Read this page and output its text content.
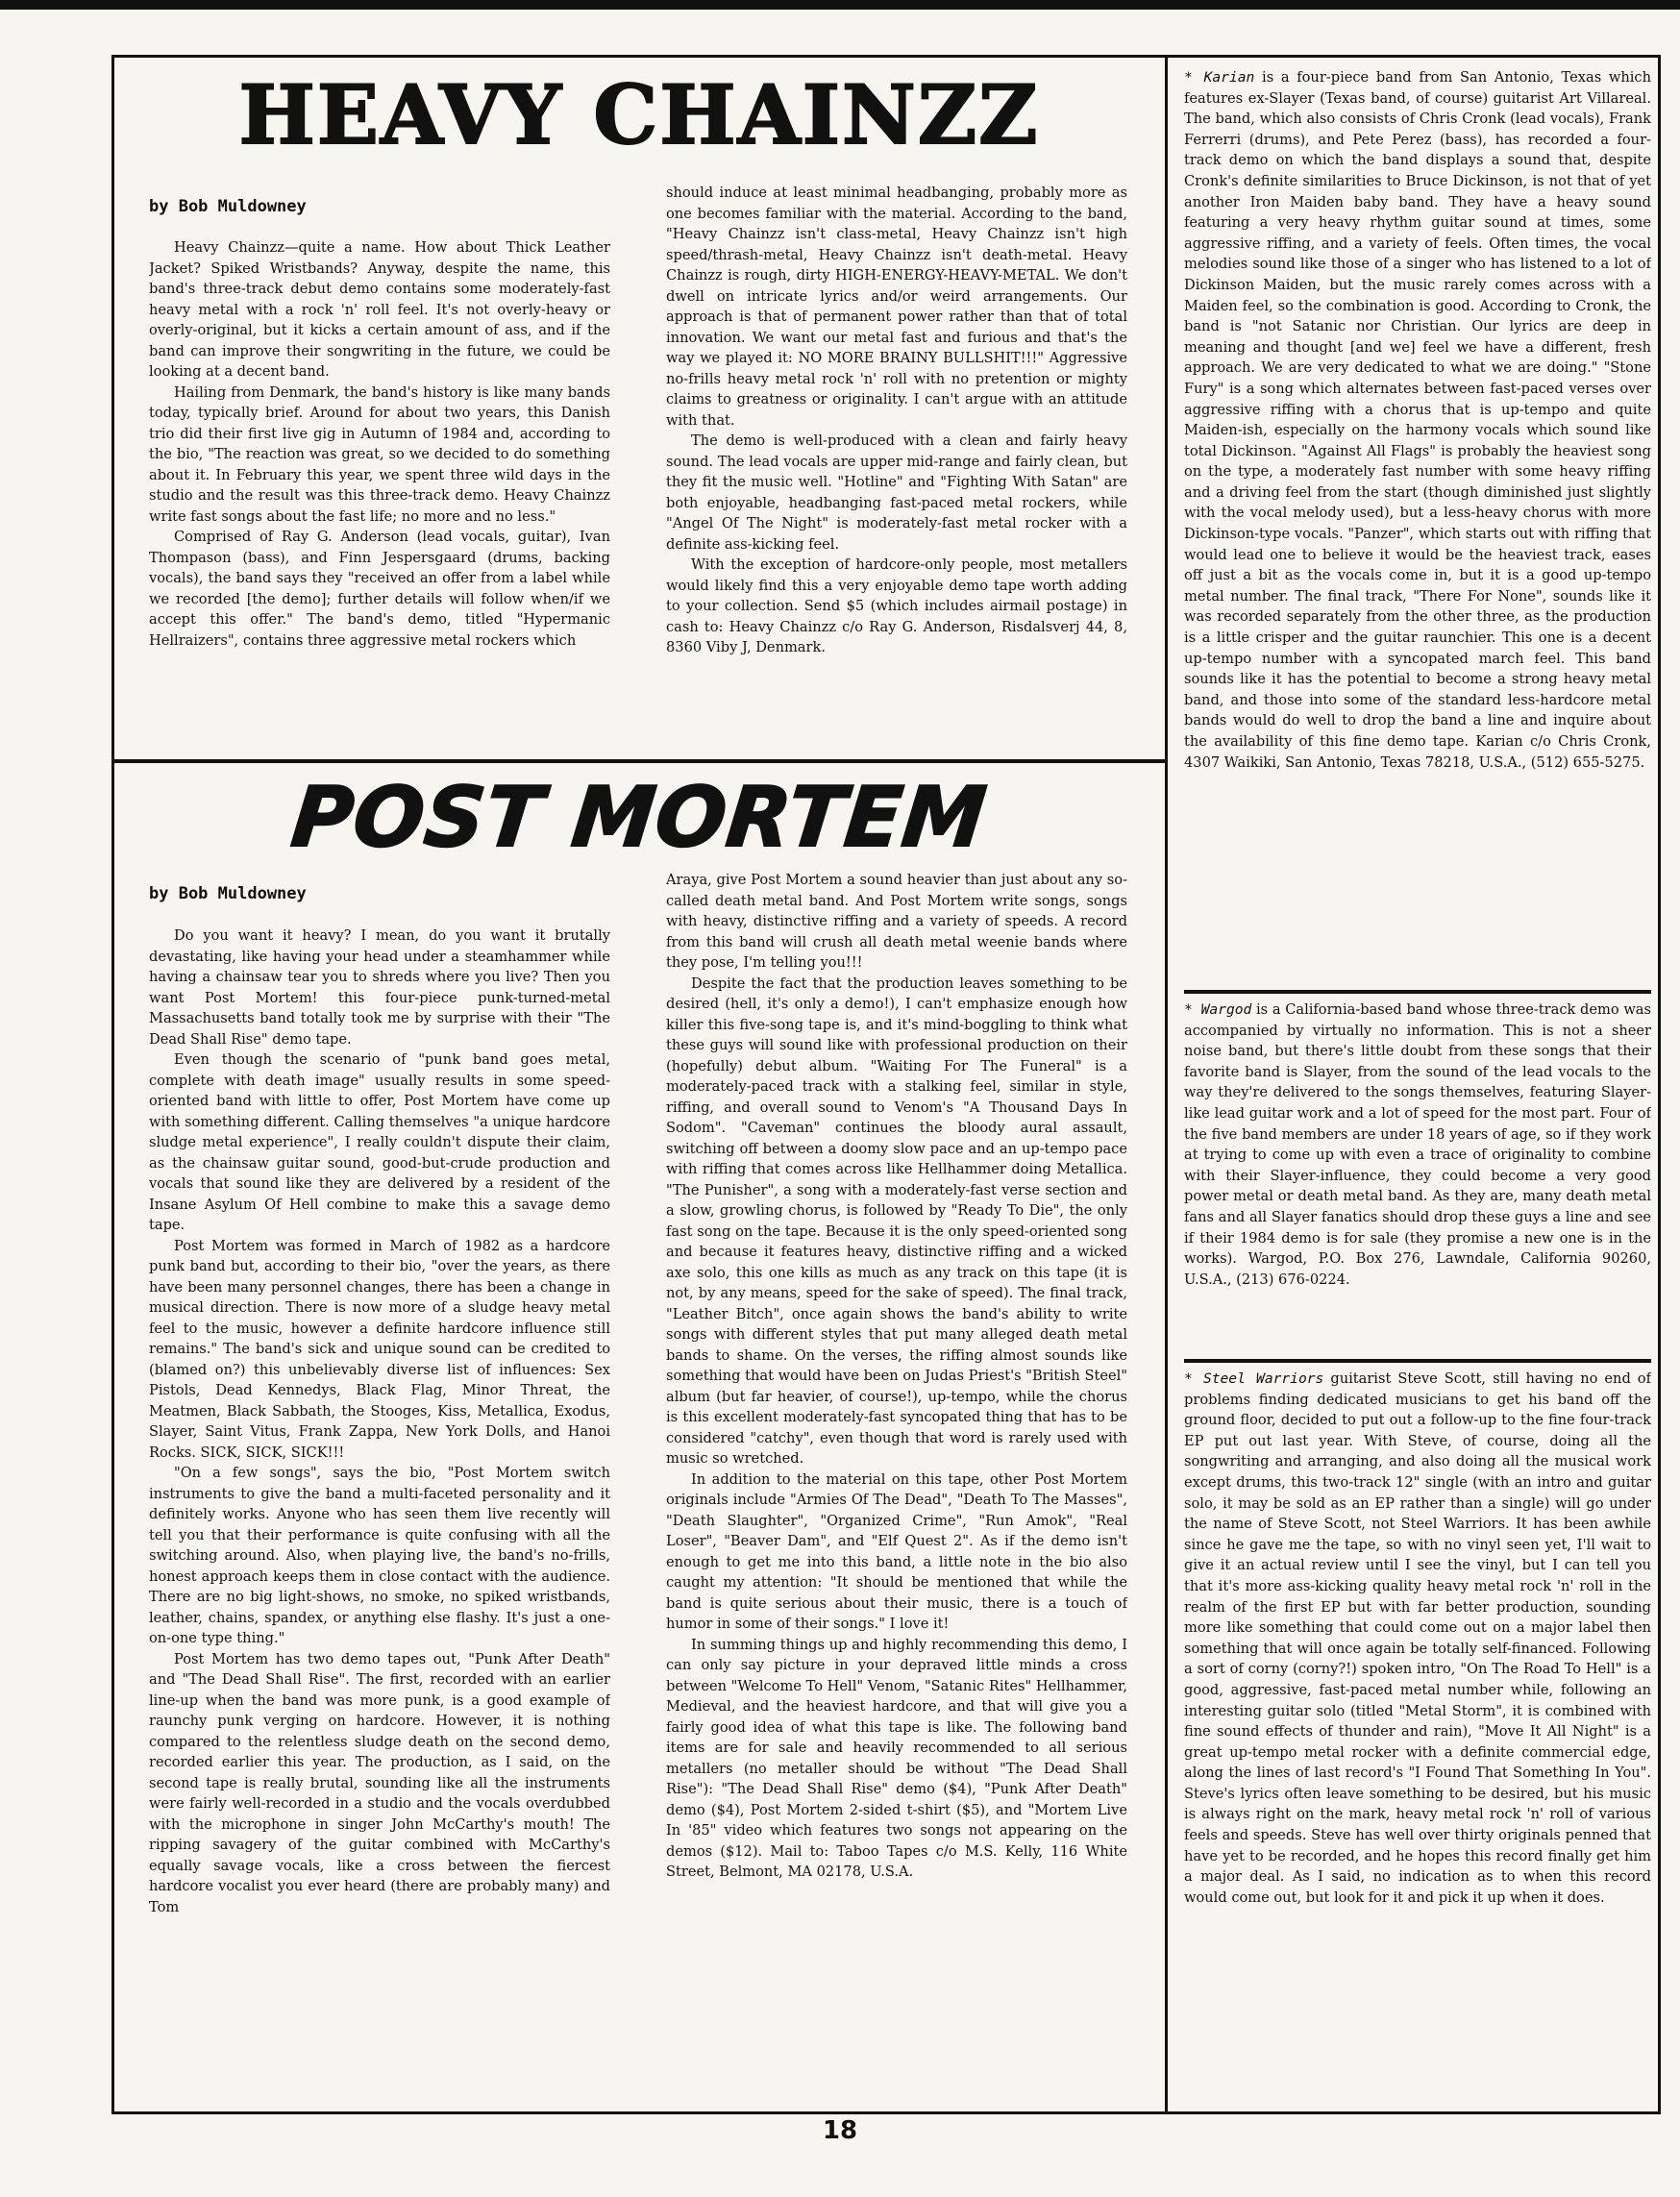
HEAVY CHAINZZ

by Bob Muldowney

Heavy Chainzz—quite a name. How about Thick Leather Jacket? Spiked Wristbands? Anyway, despite the name, this band's three-track debut demo contains some moderately-fast heavy metal with a rock 'n' roll feel. It's not overly-heavy or overly-original, but it kicks a certain amount of ass, and if the band can improve their songwriting in the future, we could be looking at a decent band.

Hailing from Denmark, the band's history is like many bands today, typically brief. Around for about two years, this Danish trio did their first live gig in Autumn of 1984 and, according to the bio, "The reaction was great, so we decided to do something about it. In February this year, we spent three wild days in the studio and the result was this three-track demo. Heavy Chainzz write fast songs about the fast life; no more and no less."

Comprised of Ray G. Anderson (lead vocals, guitar), Ivan Thompason (bass), and Finn Jespersgaard (drums, backing vocals), the band says they "received an offer from a label while we recorded [the demo]; further details will follow when/if we accept this offer." The band's demo, titled "Hypermanic Hellraizers", contains three aggressive metal rockers which

should induce at least minimal headbanging, probably more as one becomes familiar with the material. According to the band, "Heavy Chainzz isn't class-metal, Heavy Chainzz isn't high speed/thrash-metal, Heavy Chainzz isn't death-metal. Heavy Chainzz is rough, dirty HIGH-ENERGY-HEAVY-METAL. We don't dwell on intricate lyrics and/or weird arrangements. Our approach is that of permanent power rather than that of total innovation. We want our metal fast and furious and that's the way we played it: NO MORE BRAINY BULLSHIT!!!" Aggressive no-frills heavy metal rock 'n' roll with no pretention or mighty claims to greatness or originality. I can't argue with an attitude with that.

The demo is well-produced with a clean and fairly heavy sound. The lead vocals are upper mid-range and fairly clean, but they fit the music well. "Hotline" and "Fighting With Satan" are both enjoyable, headbanging fast-paced metal rockers, while "Angel Of The Night" is moderately-fast metal rocker with a definite ass-kicking feel.

With the exception of hardcore-only people, most metallers would likely find this a very enjoyable demo tape worth adding to your collection. Send $5 (which includes airmail postage) in cash to: Heavy Chainzz c/o Ray G. Anderson, Risdalsverj 44, 8, 8360 Viby J, Denmark.

POST MORTEM

by Bob Muldowney

Do you want it heavy? I mean, do you want it brutally devastating, like having your head under a steamhammer while having a chainsaw tear you to shreds where you live? Then you want Post Mortem! this four-piece punk-turned-metal Massachusetts band totally took me by surprise with their "The Dead Shall Rise" demo tape.

Even though the scenario of "punk band goes metal, complete with death image" usually results in some speed-oriented band with little to offer, Post Mortem have come up with something different. Calling themselves "a unique hardcore sludge metal experience", I really couldn't dispute their claim, as the chainsaw guitar sound, good-but-crude production and vocals that sound like they are delivered by a resident of the Insane Asylum Of Hell combine to make this a savage demo tape.

Post Mortem was formed in March of 1982 as a hardcore punk band but, according to their bio, "over the years, as there have been many personnel changes, there has been a change in musical direction. There is now more of a sludge heavy metal feel to the music, however a definite hardcore influence still remains." The band's sick and unique sound can be credited to (blamed on?) this unbelievably diverse list of influences: Sex Pistols, Dead Kennedys, Black Flag, Minor Threat, the Meatmen, Black Sabbath, the Stooges, Kiss, Metallica, Exodus, Slayer, Saint Vitus, Frank Zappa, New York Dolls, and Hanoi Rocks. SICK, SICK, SICK!!!

"On a few songs", says the bio, "Post Mortem switch instruments to give the band a multi-faceted personality and it definitely works. Anyone who has seen them live recently will tell you that their performance is quite confusing with all the switching around. Also, when playing live, the band's no-frills, honest approach keeps them in close contact with the audience. There are no big light-shows, no smoke, no spiked wristbands, leather, chains, spandex, or anything else flashy. It's just a one-on-one type thing."

Post Mortem has two demo tapes out, "Punk After Death" and "The Dead Shall Rise". The first, recorded with an earlier line-up when the band was more punk, is a good example of raunchy punk verging on hardcore. However, it is nothing compared to the relentless sludge death on the second demo, recorded earlier this year. The production, as I said, on the second tape is really brutal, sounding like all the instruments were fairly well-recorded in a studio and the vocals overdubbed with the microphone in singer John McCarthy's mouth! The ripping savagery of the guitar combined with McCarthy's equally savage vocals, like a cross between the fiercest hardcore vocalist you ever heard (there are probably many) and Tom

Araya, give Post Mortem a sound heavier than just about any so-called death metal band. And Post Mortem write songs, songs with heavy, distinctive riffing and a variety of speeds. A record from this band will crush all death metal weenie bands where they pose, I'm telling you!!!

Despite the fact that the production leaves something to be desired (hell, it's only a demo!), I can't emphasize enough how killer this five-song tape is, and it's mind-boggling to think what these guys will sound like with professional production on their (hopefully) debut album. "Waiting For The Funeral" is a moderately-paced track with a stalking feel, similar in style, riffing, and overall sound to Venom's "A Thousand Days In Sodom". "Caveman" continues the bloody aural assault, switching off between a doomy slow pace and an up-tempo pace with riffing that comes across like Hellhammer doing Metallica. "The Punisher", a song with a moderately-fast verse section and a slow, growling chorus, is followed by "Ready To Die", the only fast song on the tape. Because it is the only speed-oriented song and because it features heavy, distinctive riffing and a wicked axe solo, this one kills as much as any track on this tape (it is not, by any means, speed for the sake of speed). The final track, "Leather Bitch", once again shows the band's ability to write songs with different styles that put many alleged death metal bands to shame. On the verses, the riffing almost sounds like something that would have been on Judas Priest's "British Steel" album (but far heavier, of course!), up-tempo, while the chorus is this excellent moderately-fast syncopated thing that has to be considered "catchy", even though that word is rarely used with music so wretched.

In addition to the material on this tape, other Post Mortem originals include "Armies Of The Dead", "Death To The Masses", "Death Slaughter", "Organized Crime", "Run Amok", "Real Loser", "Beaver Dam", and "Elf Quest 2". As if the demo isn't enough to get me into this band, a little note in the bio also caught my attention: "It should be mentioned that while the band is quite serious about their music, there is a touch of humor in some of their songs." I love it!

In summing things up and highly recommending this demo, I can only say picture in your depraved little minds a cross between "Welcome To Hell" Venom, "Satanic Rites" Hellhammer, Medieval, and the heaviest hardcore, and that will give you a fairly good idea of what this tape is like. The following band items are for sale and heavily recommended to all serious metallers (no metaller should be without "The Dead Shall Rise"): "The Dead Shall Rise" demo ($4), "Punk After Death" demo ($4), Post Mortem 2-sided t-shirt ($5), and "Mortem Live In '85" video which features two songs not appearing on the demos ($12). Mail to: Taboo Tapes c/o M.S. Kelly, 116 White Street, Belmont, MA 02178, U.S.A.

* Karian is a four-piece band from San Antonio, Texas which features ex-Slayer (Texas band, of course) guitarist Art Villareal. The band, which also consists of Chris Cronk (lead vocals), Frank Ferrerri (drums), and Pete Perez (bass), has recorded a four-track demo on which the band displays a sound that, despite Cronk's definite similarities to Bruce Dickinson, is not that of yet another Iron Maiden baby band. They have a heavy sound featuring a very heavy rhythm guitar sound at times, some aggressive riffing, and a variety of feels. Often times, the vocal melodies sound like those of a singer who has listened to a lot of Dickinson Maiden, but the music rarely comes across with a Maiden feel, so the combination is good. According to Cronk, the band is "not Satanic nor Christian. Our lyrics are deep in meaning and thought [and we] feel we have a different, fresh approach. We are very dedicated to what we are doing." "Stone Fury" is a song which alternates between fast-paced verses over aggressive riffing with a chorus that is up-tempo and quite Maiden-ish, especially on the harmony vocals which sound like total Dickinson. "Against All Flags" is probably the heaviest song on the type, a moderately fast number with some heavy riffing and a driving feel from the start (though diminished just slightly with the vocal melody used), but a less-heavy chorus with more Dickinson-type vocals. "Panzer", which starts out with riffing that would lead one to believe it would be the heaviest track, eases off just a bit as the vocals come in, but it is a good up-tempo metal number. The final track, "There For None", sounds like it was recorded separately from the other three, as the production is a little crisper and the guitar raunchier. This one is a decent up-tempo number with a syncopated march feel. This band sounds like it has the potential to become a strong heavy metal band, and those into some of the standard less-hardcore metal bands would do well to drop the band a line and inquire about the availability of this fine demo tape. Karian c/o Chris Cronk, 4307 Waikiki, San Antonio, Texas 78218, U.S.A., (512) 655-5275.

* Wargod is a California-based band whose three-track demo was accompanied by virtually no information. This is not a sheer noise band, but there's little doubt from these songs that their favorite band is Slayer, from the sound of the lead vocals to the way they're delivered to the songs themselves, featuring Slayer-like lead guitar work and a lot of speed for the most part. Four of the five band members are under 18 years of age, so if they work at trying to come up with even a trace of originality to combine with their Slayer-influence, they could become a very good power metal or death metal band. As they are, many death metal fans and all Slayer fanatics should drop these guys a line and see if their 1984 demo is for sale (they promise a new one is in the works). Wargod, P.O. Box 276, Lawndale, California 90260, U.S.A., (213) 676-0224.

* Steel Warriors guitarist Steve Scott, still having no end of problems finding dedicated musicians to get his band off the ground floor, decided to put out a follow-up to the fine four-track EP put out last year. With Steve, of course, doing all the songwriting and arranging, and also doing all the musical work except drums, this two-track 12" single (with an intro and guitar solo, it may be sold as an EP rather than a single) will go under the name of Steve Scott, not Steel Warriors. It has been awhile since he gave me the tape, so with no vinyl seen yet, I'll wait to give it an actual review until I see the vinyl, but I can tell you that it's more ass-kicking quality heavy metal rock 'n' roll in the realm of the first EP but with far better production, sounding more like something that could come out on a major label then something that will once again be totally self-financed. Following a sort of corny (corny?!) spoken intro, "On The Road To Hell" is a good, aggressive, fast-paced metal number while, following an interesting guitar solo (titled "Metal Storm", it is combined with fine sound effects of thunder and rain), "Move It All Night" is a great up-tempo metal rocker with a definite commercial edge, along the lines of last record's "I Found That Something In You". Steve's lyrics often leave something to be desired, but his music is always right on the mark, heavy metal rock 'n' roll of various feels and speeds. Steve has well over thirty originals penned that have yet to be recorded, and he hopes this record finally get him a major deal. As I said, no indication as to when this record would come out, but look for it and pick it up when it does.

18
